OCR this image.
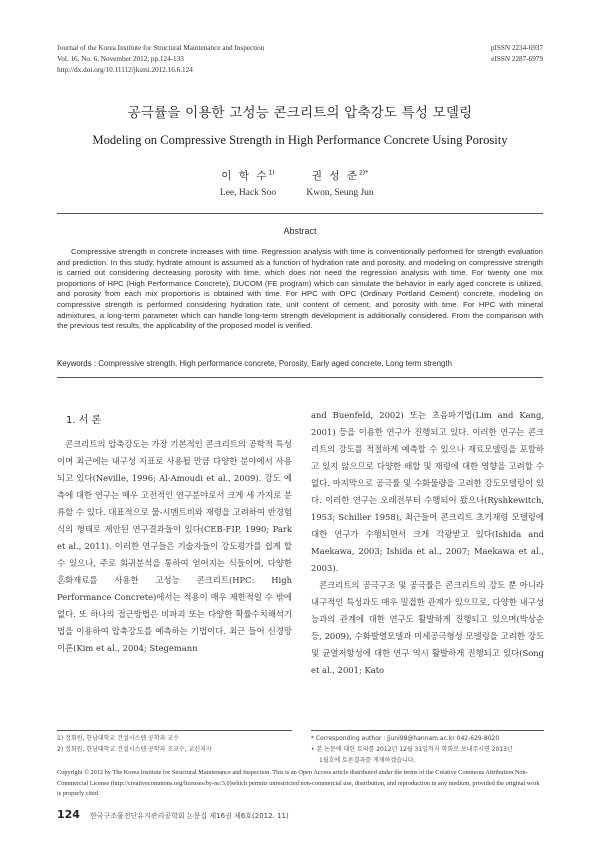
Journal of the Korea Institute for Structural Maintenance and Inspection
Vol. 16, No. 6, November 2012, pp.124-133
http://dx.doi.org/10.11112/jksmi.2012.16.6.124
pISSN 2234-6937
eISSN 2287-6979
공극률을 이용한 고성능 콘크리트의 압축강도 특성 모델링
Modeling on Compressive Strength in High Performance Concrete Using Porosity
이 학 수$^{1)}$
Lee, Hack Soo
권 성 준$^{2)*}$
Kwon, Seung Jun
Abstract
Compressive strength in concrete increases with time. Regression analysis with time is conventionally performed for strength evaluation and prediction. In this study, hydrate amount is assumed as a function of hydration rate and porosity, and modeling on compressive strength is carried out considering decreasing porosity with time, which does not need the regression analysis with time. For twenty one mix proportions of HPC (High Performance Concrete), DUCOM (FE program) which can simulate the behavior in early aged concrete is utilized, and porosity from each mix proportions is obtained with time. For HPC with OPC (Ordinary Portland Cement) concrete, modeling on compressive strength is performed considering hydration rate, unit content of cement, and porosity with time. For HPC with mineral admixtures, a long-term parameter which can handle long-term strength development is additionally considered. From the comparison with the previous test results, the applicability of the proposed model is verified.
Keywords : Compressive strength, High performance concrete, Porosity, Early aged concrete, Long term strength
1. 서 론

콘크리트의 압축강도는 가장 기본적인 콘크리트의 공학적 특성이며 최근에는 내구성 지표로 사용될 만큼 다양한 분야에서 사용되고 있다(Neville, 1996; Al-Amoudi et al., 2009). 강도 예측에 대한 연구는 매우 고전적인 연구분야로서 크게 세 가지로 분류할 수 있다. 대표적으로 물-시멘트비와 재령을 고려하여 반경험식의 형태로 제안된 연구결과들이 있다(CEB-FIP, 1990; Park et al., 2011). 이러한 연구들은 기술자들이 강도평가를 쉽게 할 수 있으나, 주로 회귀분석을 통하여 얻어지는 식들이며, 다양한 혼화재료를 사용한 고성능 콘크리트(HPC: High Performance Concrete)에서는 적용이 매우 제한적일 수 밖에 없다. 또 하나의 접근방법은 비파괴 또는 다양한 확률수치해석기법을 이용하여 압축강도를 예측하는 기법이다. 최근 들어 신경망이론(Kim et al., 2004; Stegemann

and Buenfeld, 2002) 또는 초음파기법(Lim and Kang, 2001) 등을 이용한 연구가 진행되고 있다. 이러한 연구는 콘크리트의 강도를 적절하게 예측할 수 있으나 재료모델링을 포함하고 있지 않으므로 다양한 배합 및 재령에 대한 영향을 고려할 수 없다. 마지막으로 공극률 및 수화물량을 고려한 강도모델링이 있다. 이러한 연구는 오래전부터 수행되어 왔으나(Ryshkewitch, 1953; Schiller 1958), 최근들어 콘크리트 초기재령 모델링에 대한 연구가 수행되면서 크게 각광받고 있다(Ishida and Maekawa, 2003; Ishida et al., 2007; Maekawa et al., 2003).

콘크리트의 공극구조 및 공극률은 콘크리트의 강도 뿐 아니라 내구적인 특성과도 매우 밀접한 관계가 있으므로, 다양한 내구성능과의 관계에 대한 연구도 활발하게 진행되고 있으며(박상순 등, 2009), 수화발열모델과 미세공극형성 모델링을 고려한 강도 및 균열저항성에 대한 연구 역시 활발하게 진행되고 있다(Song et al., 2001; Kato

1) 정회원, 한남대학교 건설시스템 공학과 교수
2) 정회원, 한남대학교 건설시스템 공학과 조교수, 교신저자
* Corresponding author : jjuni98@hannam.ac.kr 042-629-8020
• 본 논문에 대한 토의를 2012년 12월 31일까지 학회로 보내주시면 2013년
1월호에 토론결과를 게재하겠습니다.
Copyright © 2012 by The Korea Institute for Structural Maintenance and Inspection. This is an Open Access article distributed under the terms of the Creative Commons Attribution Non-Commercial License (http://creativecommons.org/licenses/by-nc/3.0)which permits unrestricted non-commercial use, distribution, and reproduction in any medium, provided the original work is properly cited.
124 한국구조물진단유지관리공학회 논문집 제16권 제6호(2012. 11)
